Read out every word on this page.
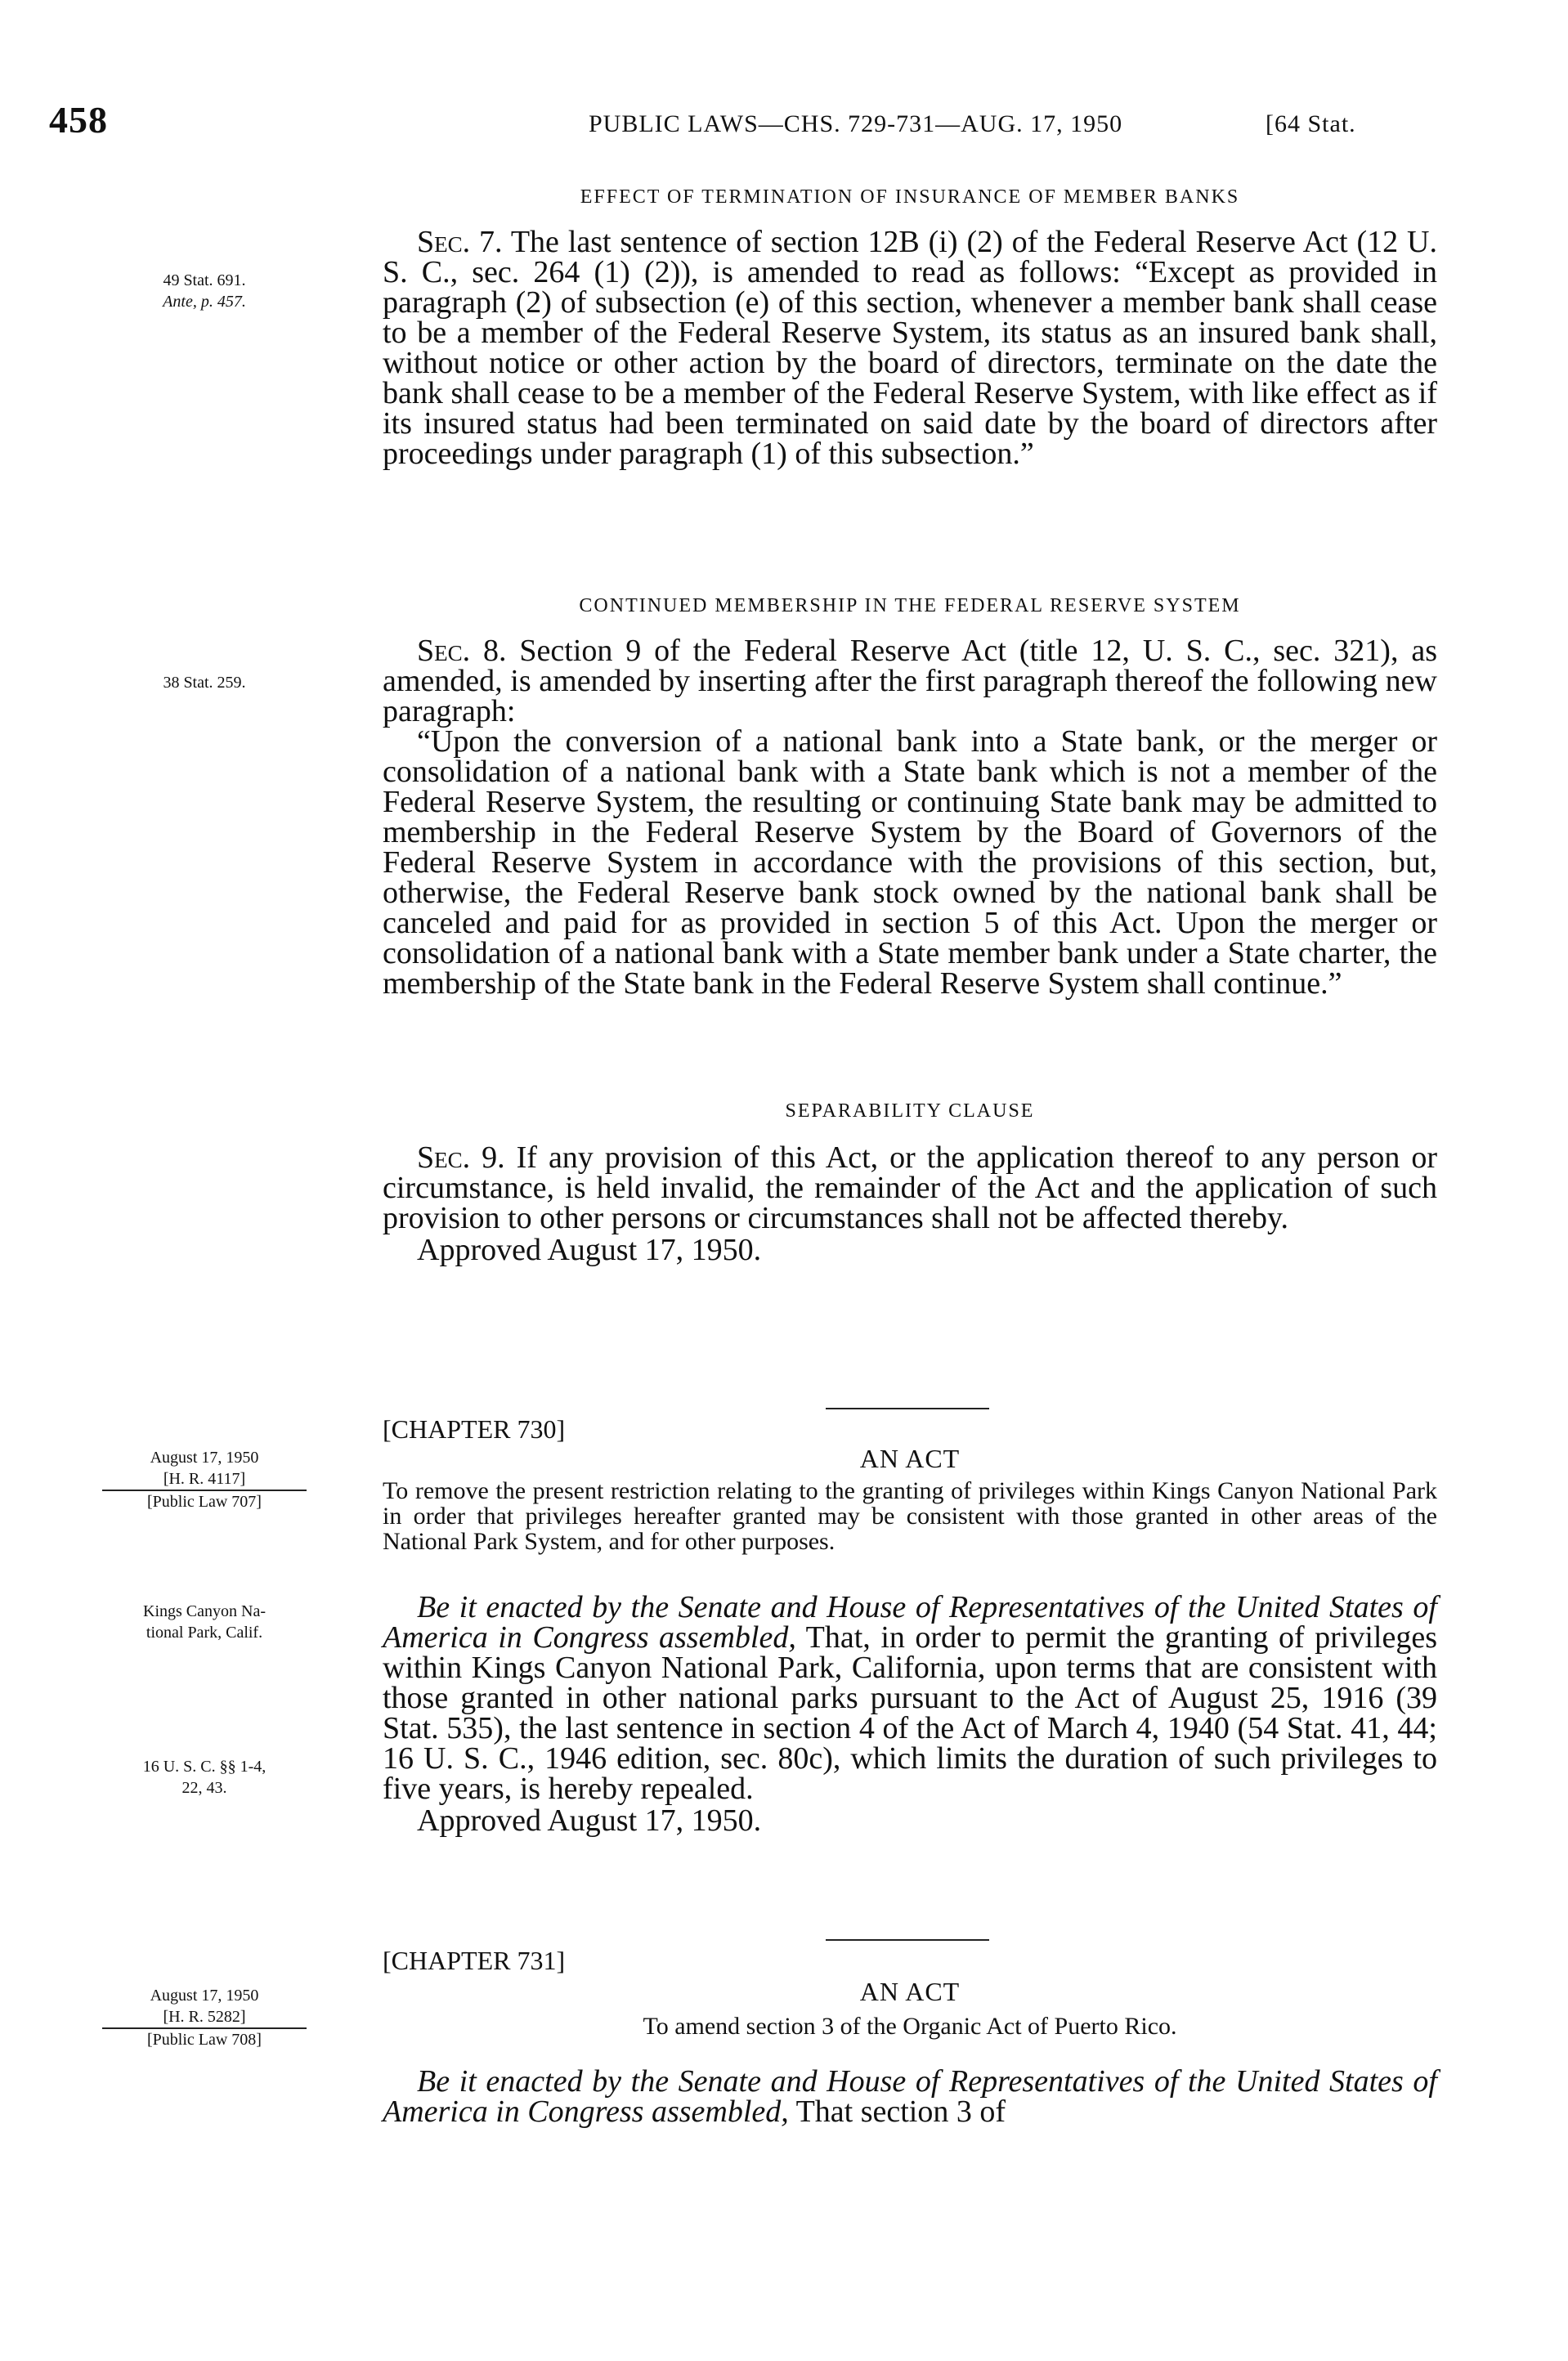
458	PUBLIC LAWS—CHS. 729-731—AUG. 17, 1950	[64 Stat.
EFFECT OF TERMINATION OF INSURANCE OF MEMBER BANKS
49 Stat. 691.
Ante, p. 457.

Sec. 7. The last sentence of section 12B (i) (2) of the Federal Reserve Act (12 U. S. C., sec. 264 (1) (2)), is amended to read as follows: “Except as provided in paragraph (2) of subsection (e) of this section, whenever a member bank shall cease to be a member of the Federal Reserve System, its status as an insured bank shall, without notice or other action by the board of directors, terminate on the date the bank shall cease to be a member of the Federal Reserve System, with like effect as if its insured status had been terminated on said date by the board of directors after proceedings under paragraph (1) of this subsection.”

CONTINUED MEMBERSHIP IN THE FEDERAL RESERVE SYSTEM
38 Stat. 259.

Sec. 8. Section 9 of the Federal Reserve Act (title 12, U. S. C., sec. 321), as amended, is amended by inserting after the first paragraph thereof the following new paragraph:

“Upon the conversion of a national bank into a State bank, or the merger or consolidation of a national bank with a State bank which is not a member of the Federal Reserve System, the resulting or continuing State bank may be admitted to membership in the Federal Reserve System by the Board of Governors of the Federal Reserve System in accordance with the provisions of this section, but, otherwise, the Federal Reserve bank stock owned by the national bank shall be canceled and paid for as provided in section 5 of this Act. Upon the merger or consolidation of a national bank with a State member bank under a State charter, the membership of the State bank in the Federal Reserve System shall continue.”

SEPARABILITY CLAUSE

Sec. 9. If any provision of this Act, or the application thereof to any person or circumstance, is held invalid, the remainder of the Act and the application of such provision to other persons or circumstances shall not be affected thereby.

Approved August 17, 1950.
[CHAPTER 730]
AN ACT
August 17, 1950
[H. R. 4117]
[Public Law 707]	To remove the present restriction relating to the granting of privileges within Kings Canyon National Park in order that privileges hereafter granted may be consistent with those granted in other areas of the National Park System, and for other purposes.
Kings Canyon Na-
tional Park, Calif.
16 U. S. C. §§ 1-4,
22, 43.

Be it enacted by the Senate and House of Representatives of the United States of America in Congress assembled, That, in order to permit the granting of privileges within Kings Canyon National Park, California, upon terms that are consistent with those granted in other national parks pursuant to the Act of August 25, 1916 (39 Stat. 535), the last sentence in section 4 of the Act of March 4, 1940 (54 Stat. 41, 44; 16 U. S. C., 1946 edition, sec. 80c), which limits the duration of such privileges to five years, is hereby repealed.

Approved August 17, 1950.
[CHAPTER 731]
AN ACT
August 17, 1950
[H. R. 5282]
[Public Law 708]	To amend section 3 of the Organic Act of Puerto Rico.

Be it enacted by the Senate and House of Representatives of the United States of America in Congress assembled, That section 3 of
